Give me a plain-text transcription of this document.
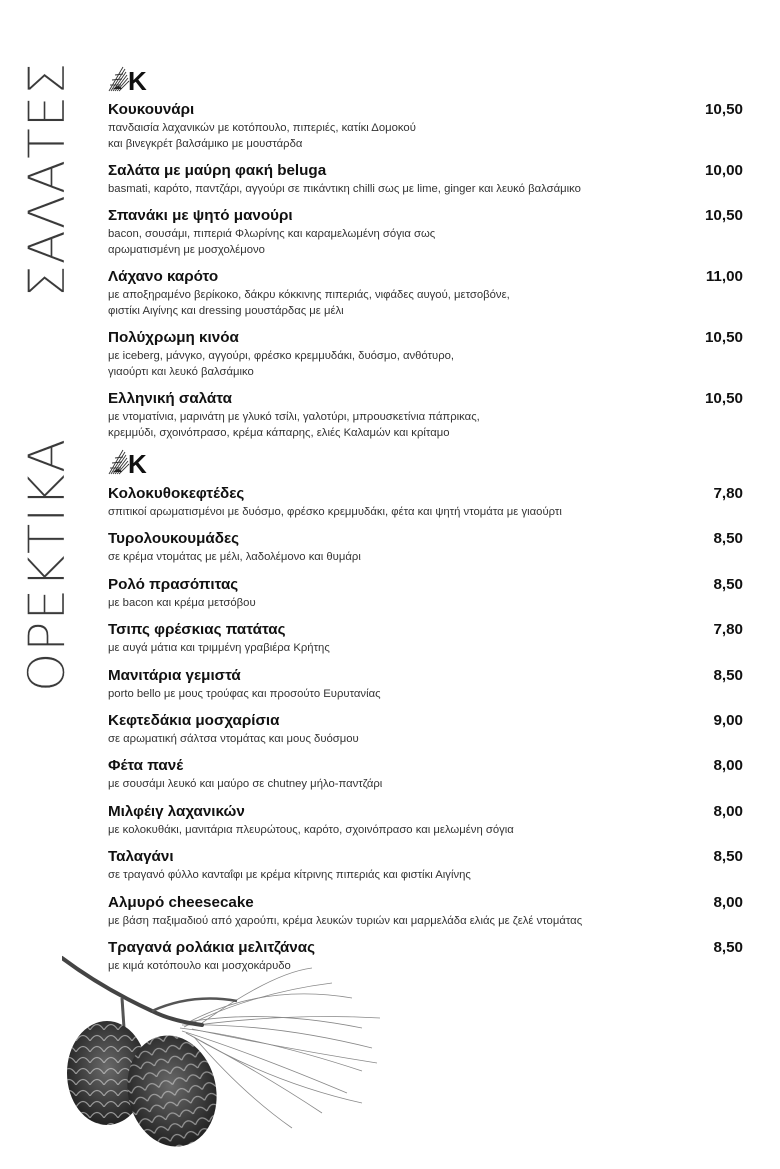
ΣΑΛΑΤΕΣ
ΟΡΕΚΤΙΚΑ
K
K
Κουκουνάρι	10,50
πανδαισία λαχανικών με κοτόπουλο, πιπεριές, κατίκι Δομοκού
και βινεγκρέτ βαλσάμικο με μουστάρδα
Σαλάτα με μαύρη φακή beluga	10,00
basmati, καρότο, παντζάρι, αγγούρι σε πικάντικη chilli σως με lime, ginger και λευκό βαλσάμικο
Σπανάκι με ψητό μανούρι	10,50
bacon, σουσάμι, πιπεριά Φλωρίνης και καραμελωμένη σόγια σως
αρωματισμένη με μοσχολέμονο
Λάχανο καρότο	11,00
με αποξηραμένο βερίκοκο, δάκρυ κόκκινης πιπεριάς, νιφάδες αυγού, μετσοβόνε,
φιστίκι Αιγίνης και dressing μουστάρδας με μέλι
Πολύχρωμη κινόα	10,50
με iceberg, μάνγκο, αγγούρι, φρέσκο κρεμμυδάκι, δυόσμο, ανθότυρο,
γιαούρτι και λευκό βαλσάμικο
Ελληνική σαλάτα	10,50
με ντοματίνια, μαρινάτη με γλυκό τσίλι, γαλοτύρι, μπρουσκετίνια πάπρικας,
κρεμμύδι, σχοινόπρασο, κρέμα κάπαρης, ελιές Καλαμών και κρίταμο
Κολοκυθοκεφτέδες	7,80
σπιτικοί αρωματισμένοι με δυόσμο, φρέσκο κρεμμυδάκι, φέτα και ψητή ντομάτα με γιαούρτι
Τυρολουκουμάδες	8,50
σε κρέμα ντομάτας με μέλι, λαδολέμονο και θυμάρι
Ρολό πρασόπιτας	8,50
με bacon και κρέμα μετσόβου
Τσιπς φρέσκιας πατάτας	7,80
με αυγά μάτια και τριμμένη γραβιέρα Κρήτης
Μανιτάρια γεμιστά	8,50
porto bello με μους τρούφας και προσούτο Ευρυτανίας
Κεφτεδάκια μοσχαρίσια	9,00
σε αρωματική σάλτσα ντομάτας και μους δυόσμου
Φέτα πανέ	8,00
με σουσάμι λευκό και μαύρο σε chutney μήλο-παντζάρι
Μιλφέιγ λαχανικών	8,00
με κολοκυθάκι, μανιτάρια πλευρώτους, καρότο, σχοινόπρασο και μελωμένη σόγια
Ταλαγάνι	8,50
σε τραγανό φύλλο κανταΐφι με κρέμα κίτρινης πιπεριάς και φιστίκι Αιγίνης
Αλμυρό cheesecake	8,00
με βάση παξιμαδιού από χαρούπι, κρέμα λευκών τυριών και μαρμελάδα ελιάς με ζελέ ντομάτας
Τραγανά ρολάκια μελιτζάνας	8,50
με κιμά κοτόπουλο και μοσχοκάρυδο
